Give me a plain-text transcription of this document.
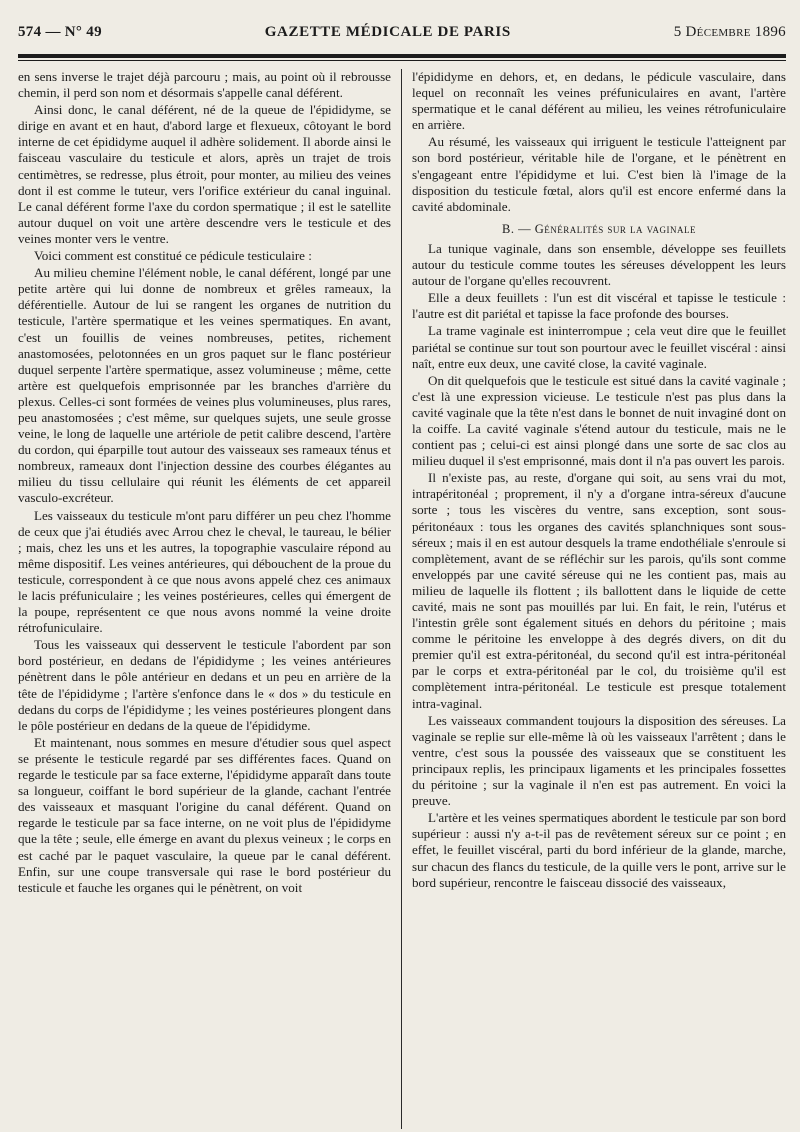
574 — N° 49	GAZETTE MÉDICALE DE PARIS	5 Décembre 1896

en sens inverse le trajet déjà parcouru ; mais, au point où il rebrousse chemin, il perd son nom et désormais s'appelle canal déférent.

Ainsi donc, le canal déférent, né de la queue de l'épididyme, se dirige en avant et en haut, d'abord large et flexueux, côtoyant le bord interne de cet épididyme auquel il adhère solidement. Il aborde ainsi le faisceau vasculaire du testicule et alors, après un trajet de trois centimètres, se redresse, plus étroit, pour monter, au milieu des veines dont il est comme le tuteur, vers l'orifice extérieur du canal inguinal. Le canal déférent forme l'axe du cordon spermatique ; il est le satellite autour duquel on voit une artère descendre vers le testicule et des veines monter vers le ventre.

Voici comment est constitué ce pédicule testiculaire :

Au milieu chemine l'élément noble, le canal déférent, longé par une petite artère qui lui donne de nombreux et grêles rameaux, la déférentielle. Autour de lui se rangent les organes de nutrition du testicule, l'artère spermatique et les veines spermatiques. En avant, c'est un fouillis de veines nombreuses, petites, richement anastomosées, pelotonnées en un gros paquet sur le flanc postérieur duquel serpente l'artère spermatique, assez volumineuse ; même, cette artère est quelquefois emprisonnée par les branches d'arrière du plexus. Celles-ci sont formées de veines plus volumineuses, plus rares, peu anastomosées ; c'est même, sur quelques sujets, une seule grosse veine, le long de laquelle une artériole de petit calibre descend, l'artère du cordon, qui éparpille tout autour des vaisseaux ses rameaux ténus et nombreux, rameaux dont l'injection dessine des courbes élégantes au milieu du tissu cellulaire qui réunit les éléments de cet appareil vasculo-excréteur.

Les vaisseaux du testicule m'ont paru différer un peu chez l'homme de ceux que j'ai étudiés avec Arrou chez le cheval, le taureau, le bélier ; mais, chez les uns et les autres, la topographie vasculaire répond au même dispositif. Les veines antérieures, qui débouchent de la proue du testicule, correspondent à ce que nous avons appelé chez ces animaux le lacis préfuniculaire ; les veines postérieures, celles qui émergent de la poupe, représentent ce que nous avons nommé la veine droite rétrofuniculaire.

Tous les vaisseaux qui desservent le testicule l'abordent par son bord postérieur, en dedans de l'épididyme ; les veines antérieures pénètrent dans le pôle antérieur en dedans et un peu en arrière de la tête de l'épididyme ; l'artère s'enfonce dans le « dos » du testicule en dedans du corps de l'épididyme ; les veines postérieures plongent dans le pôle postérieur en dedans de la queue de l'épididyme.

Et maintenant, nous sommes en mesure d'étudier sous quel aspect se présente le testicule regardé par ses différentes faces. Quand on regarde le testicule par sa face externe, l'épididyme apparaît dans toute sa longueur, coiffant le bord supérieur de la glande, cachant l'entrée des vaisseaux et masquant l'origine du canal déférent. Quand on regarde le testicule par sa face interne, on ne voit plus de l'épididyme que la tête ; seule, elle émerge en avant du plexus veineux ; le corps en est caché par le paquet vasculaire, la queue par le canal déférent. Enfin, sur une coupe transversale qui rase le bord postérieur du testicule et fauche les organes qui le pénètrent, on voit

l'épididyme en dehors, et, en dedans, le pédicule vasculaire, dans lequel on reconnaît les veines préfuniculaires en avant, l'artère spermatique et le canal déférent au milieu, les veines rétrofuniculaire en arrière.

Au résumé, les vaisseaux qui irriguent le testicule l'atteignent par son bord postérieur, véritable hile de l'organe, et le pénètrent en s'engageant entre l'épididyme et lui. C'est bien là l'image de la disposition du testicule fœtal, alors qu'il est encore enfermé dans la cavité abdominale.

B. — Généralités sur la vaginale

La tunique vaginale, dans son ensemble, développe ses feuillets autour du testicule comme toutes les séreuses développent les leurs autour de l'organe qu'elles recouvrent.

Elle a deux feuillets : l'un est dit viscéral et tapisse le testicule : l'autre est dit pariétal et tapisse la face profonde des bourses.

La trame vaginale est ininterrompue ; cela veut dire que le feuillet pariétal se continue sur tout son pourtour avec le feuillet viscéral : ainsi naît, entre eux deux, une cavité close, la cavité vaginale.

On dit quelquefois que le testicule est situé dans la cavité vaginale ; c'est là une expression vicieuse. Le testicule n'est pas plus dans la cavité vaginale que la tête n'est dans le bonnet de nuit invaginé dont on la coiffe. La cavité vaginale s'étend autour du testicule, mais ne le contient pas ; celui-ci est ainsi plongé dans une sorte de sac clos au milieu duquel il s'est emprisonné, mais dont il n'a pas ouvert les parois.

Il n'existe pas, au reste, d'organe qui soit, au sens vrai du mot, intrapéritonéal ; proprement, il n'y a d'organe intra-séreux d'aucune sorte ; tous les viscères du ventre, sans exception, sont sous-péritonéaux : tous les organes des cavités splanchniques sont sous-séreux ; mais il en est autour desquels la trame endothéliale s'enroule si complètement, avant de se réfléchir sur les parois, qu'ils sont comme enveloppés par une cavité séreuse qui ne les contient pas, mais au milieu de laquelle ils flottent ; ils ballottent dans le liquide de cette cavité, mais ne sont pas mouillés par lui. En fait, le rein, l'utérus et l'intestin grêle sont également situés en dehors du péritoine ; mais comme le péritoine les enveloppe à des degrés divers, on dit du premier qu'il est extra-péritonéal, du second qu'il est intra-péritonéal par le corps et extra-péritonéal par le col, du troisième qu'il est complètement intra-péritonéal. Le testicule est presque totalement intra-vaginal.

Les vaisseaux commandent toujours la disposition des séreuses. La vaginale se replie sur elle-même là où les vaisseaux l'arrêtent ; dans le ventre, c'est sous la poussée des vaisseaux que se constituent les principaux replis, les principaux ligaments et les principales fossettes du péritoine ; sur la vaginale il n'en est pas autrement. En voici la preuve.

L'artère et les veines spermatiques abordent le testicule par son bord supérieur : aussi n'y a-t-il pas de revêtement séreux sur ce point ; en effet, le feuillet viscéral, parti du bord inférieur de la glande, marche, sur chacun des flancs du testicule, de la quille vers le pont, arrive sur le bord supérieur, rencontre le faisceau dissocié des vaisseaux,
